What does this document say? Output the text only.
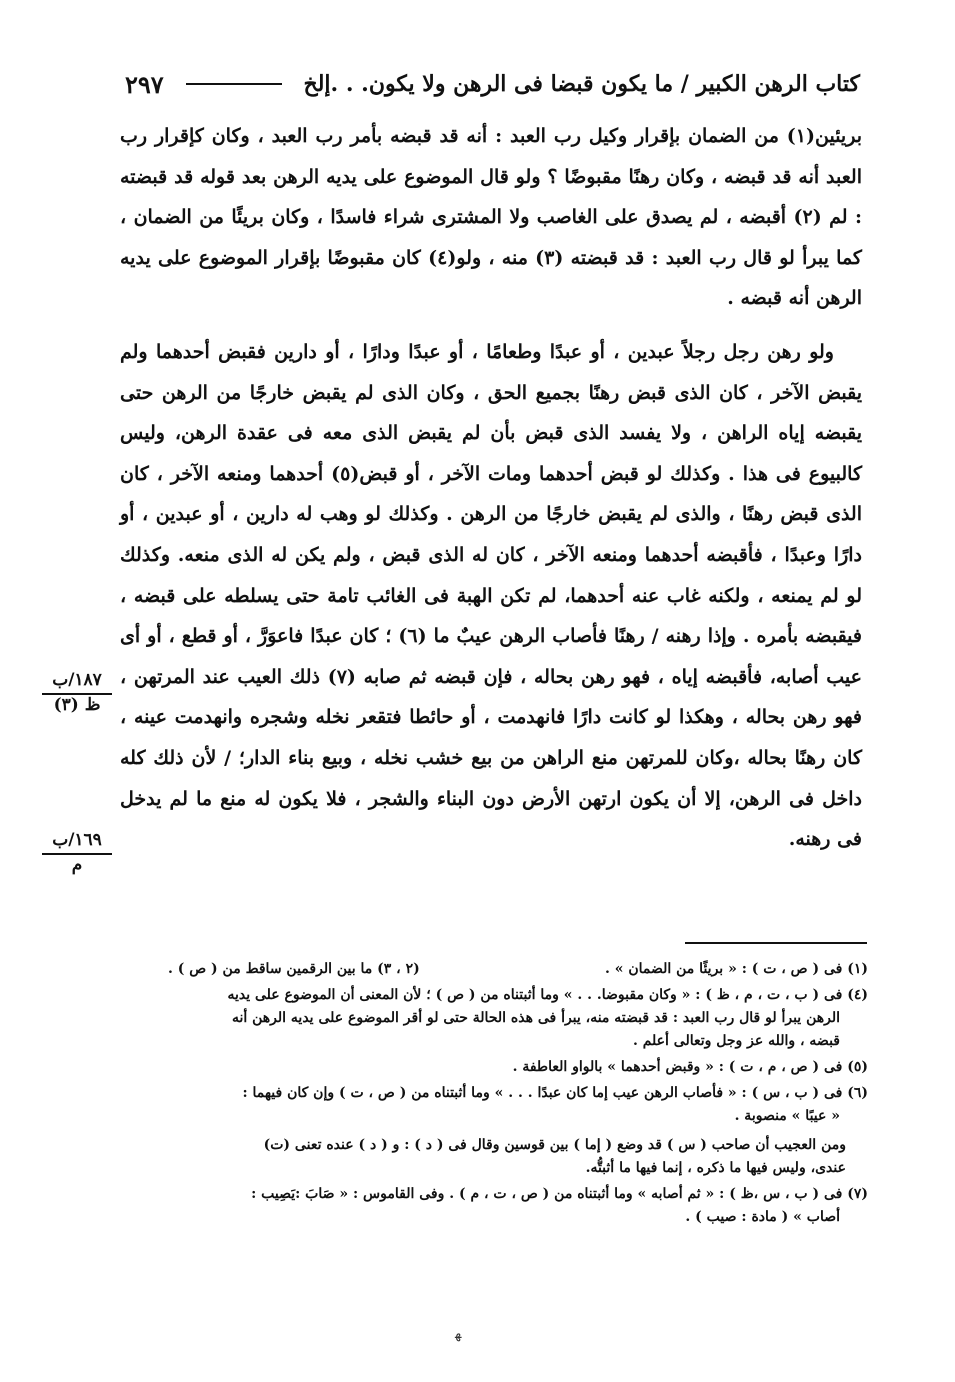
كتاب الرهن الكبير / ما يكون قبضا فى الرهن ولا يكون. . .إلخ
٢٩٧

بريئين(١) من الضمان بإقرار وكيل رب العبد : أنه قد قبضه بأمر رب العبد ، وكان كإقرار رب العبد أنه قد قبضه ، وكان رهنًا مقبوضًا ؟ ولو قال الموضوع على يديه الرهن بعد قوله قد قبضته : لم (٢) أقبضه ، لم يصدق على الغاصب ولا المشترى شراء فاسدًا ، وكان بريئًا من الضمان ، كما يبرأ لو قال رب العبد : قد قبضته (٣) منه ، ولو(٤) كان مقبوضًا بإقرار الموضوع على يديه الرهن أنه قبضه .

ولو رهن رجل رجلاً عبدين ، أو عبدًا وطعامًا ، أو عبدًا ودارًا ، أو دارين فقبض أحدهما ولم يقبض الآخر ، كان الذى قبض رهنًا بجميع الحق ، وكان الذى لم يقبض خارجًا من الرهن حتى يقبضه إياه الراهن ، ولا يفسد الذى قبض بأن لم يقبض الذى معه فى عقدة الرهن، وليس كالبيوع فى هذا . وكذلك لو قبض أحدهما ومات الآخر ، أو قبض(٥) أحدهما ومنعه الآخر ، كان الذى قبض رهنًا ، والذى لم يقبض خارجًا من الرهن . وكذلك لو وهب له دارين ، أو عبدين ، أو دارًا وعبدًا ، فأقبضه أحدهما ومنعه الآخر ، كان له الذى قبض ، ولم يكن له الذى منعه. وكذلك لو لم يمنعه ، ولكنه غاب عنه أحدهما، لم تكن الهبة فى الغائب تامة حتى يسلطه على قبضه ، فيقبضه بأمره . وإذا رهنه / رهنًا فأصاب الرهن عيبٌ ما (٦) ؛ كان عبدًا فاعوَرَّ ، أو قطع ، أو أى عيب أصابه، فأقبضه إياه ، فهو رهن بحاله ، فإن قبضه ثم صابه (٧) ذلك العيب عند المرتهن ، فهو رهن بحاله ، وهكذا لو كانت دارًا فانهدمت ، أو حائطا فتقعر نخله وشجره وانهدمت عينه ، كان رهنًا بحاله ،وكان للمرتهن منع الراهن من بيع خشب نخله ، وبيع بناء الدار؛ / لأن ذلك كله داخل فى الرهن، إلا أن يكون ارتهن الأرض دون البناء والشجر ، فلا يكون له منع ما لم يدخل فى رهنه.

١٨٧/ب
ظ (٣)
١٦٩/ب
م
(١) فى ( ص ، ت ) : « بريئًا من الضمان » .
(٢ ، ٣) ما بين الرقمين ساقط من ( ص ) .
(٤) فى ( ب ، ت ، م ، ظ ) : « وكان مقبوضا. . . » وما أثبتناه من ( ص ) ؛ لأن المعنى أن الموضوع على يديه
الرهن يبرأ لو قال رب العبد : قد قبضته منه، يبرأ فى هذه الحالة حتى لو أقر الموضوع على يديه الرهن أنه
قبضه ، والله عز وجل وتعالى أعلم .
(٥) فى ( ص ، م ، ت ) : « وقبض أحدهما » بالواو العاطفة .
(٦) فى ( ب ، س ) : « فأصاب الرهن عيب إما كان عبدًا . . . » وما أثبتناه من ( ص ، ت ) وإن كان فيهما :
« عيبًا » منصوبة .
ومن العجيب أن صاحب ( س ) قد وضع ( إما ) بين قوسين وقال فى ( د ) : و ( د ) عنده تعنى (ت)
عندى، وليس فيها ما ذكره ، إنما فيها ما أثبتُّه.
(٧) فى ( ب ، س ،ظ ) : « ثم أصابه » وما أثبتناه من ( ص ، ت ، م ) . وفى القاموس : « صَابَ :يَصِيب :
أصاب » ( مادة : صيب ) .
ﮭ
